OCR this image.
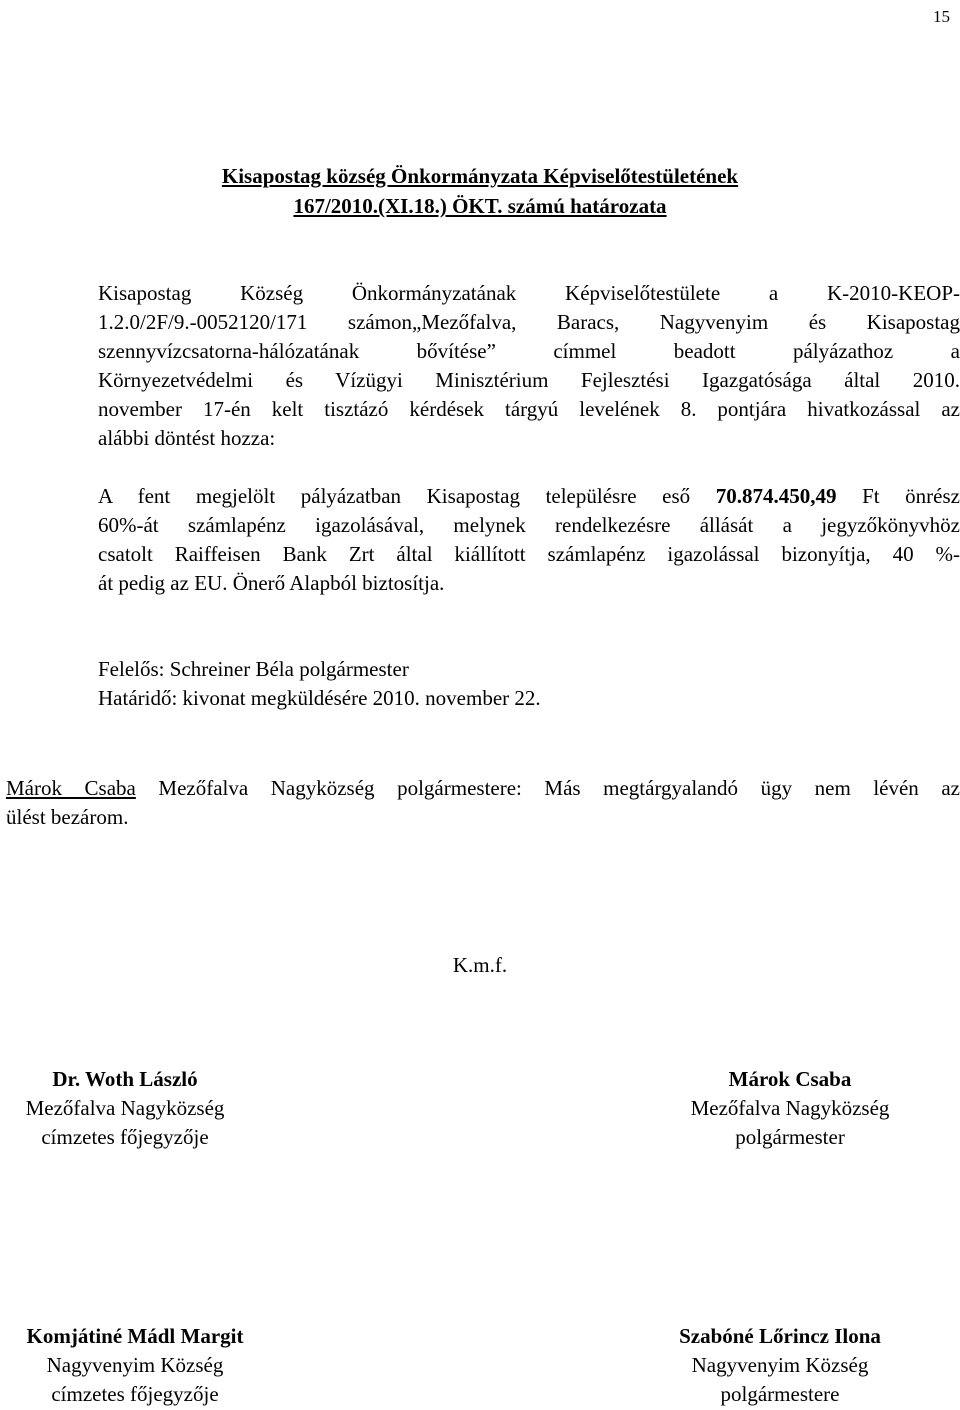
15
Kisapostag község Önkormányzata Képviselőtestületének
167/2010.(XI.18.) ÖKT. számú határozata
Kisapostag Község Önkormányzatának Képviselőtestülete a K-2010-KEOP-
1.2.0/2F/9.-0052120/171 számon„Mezőfalva, Baracs, Nagyvenyim és Kisapostag
szennyvízcsatorna-hálózatának bővítése” címmel beadott pályázathoz a
Környezetvédelmi és Vízügyi Minisztérium Fejlesztési Igazgatósága által 2010.
november 17-én kelt tisztázó kérdések tárgyú levelének 8. pontjára hivatkozással az
alábbi döntést hozza:
A fent megjelölt pályázatban Kisapostag településre eső 70.874.450,49 Ft önrész
60%-át számlapénz igazolásával, melynek rendelkezésre állását a jegyzőkönyvhöz
csatolt Raiffeisen Bank Zrt által kiállított számlapénz igazolással bizonyítja, 40 %-
át pedig az EU. Önerő Alapból biztosítja.
Felelős: Schreiner Béla polgármester
Határidő: kivonat megküldésére 2010. november 22.
Márok Csaba Mezőfalva Nagyközség polgármestere: Más megtárgyalandó ügy nem lévén az
ülést bezárom.
K.m.f.
Dr. Woth László
Mezőfalva Nagyközség
címzetes főjegyzője
Márok Csaba
Mezőfalva Nagyközség
polgármester
Komjátiné Mádl Margit
Nagyvenyim Község
címzetes főjegyzője
Szabóné Lőrincz Ilona
Nagyvenyim Község
polgármestere
